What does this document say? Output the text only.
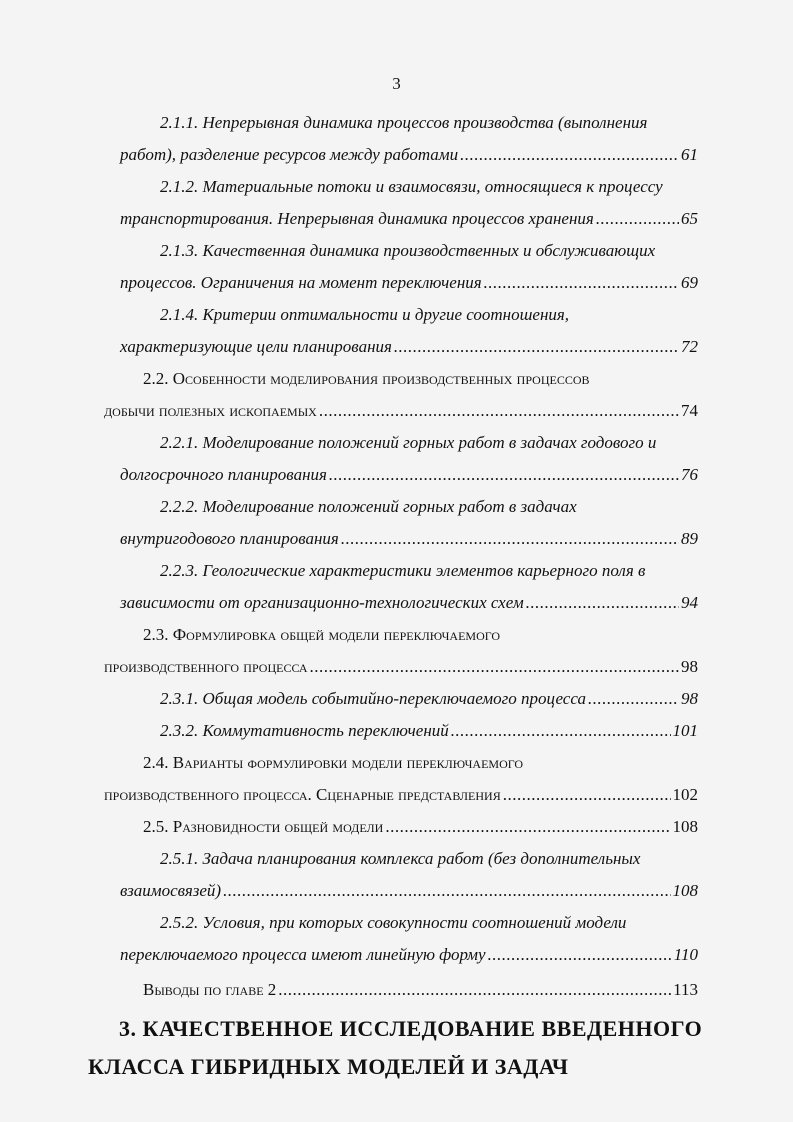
3
2.1.1. Непрерывная динамика процессов производства (выполнения
работ), разделение ресурсов между работами .....	61
2.1.2. Материальные потоки и взаимосвязи, относящиеся к процессу
транспортирования. Непрерывная динамика процессов хранения .....	65
2.1.3. Качественная динамика производственных и обслуживающих
процессов. Ограничения на момент переключения .....	69
2.1.4. Критерии оптимальности и другие соотношения,
характеризующие цели планирования .....	72
2.2. Особенности моделирования производственных процессов
добычи полезных ископаемых .....	74
2.2.1. Моделирование положений горных работ в задачах годового и
долгосрочного планирования .....	76
2.2.2. Моделирование положений горных работ в задачах
внутригодового планирования .....	89
2.2.3. Геологические характеристики элементов карьерного поля в
зависимости от организационно-технологических схем .....	94
2.3. Формулировка общей модели переключаемого
производственного процесса .....	98
2.3.1. Общая модель событийно-переключаемого процесса .....	98
2.3.2. Коммутативность переключений .....	101
2.4. Варианты формулировки модели переключаемого
производственного процесса. Сценарные представления .....	102
2.5. Разновидности общей модели .....	108
2.5.1. Задача планирования комплекса работ (без дополнительных
взаимосвязей) .....	108
2.5.2. Условия, при которых совокупности соотношений модели
переключаемого процесса имеют линейную форму .....	110
Выводы по главе 2 .....	113
3. КАЧЕСТВЕННОЕ ИССЛЕДОВАНИЕ ВВЕДЕННОГО
КЛАССА ГИБРИДНЫХ МОДЕЛЕЙ И ЗАДАЧ
